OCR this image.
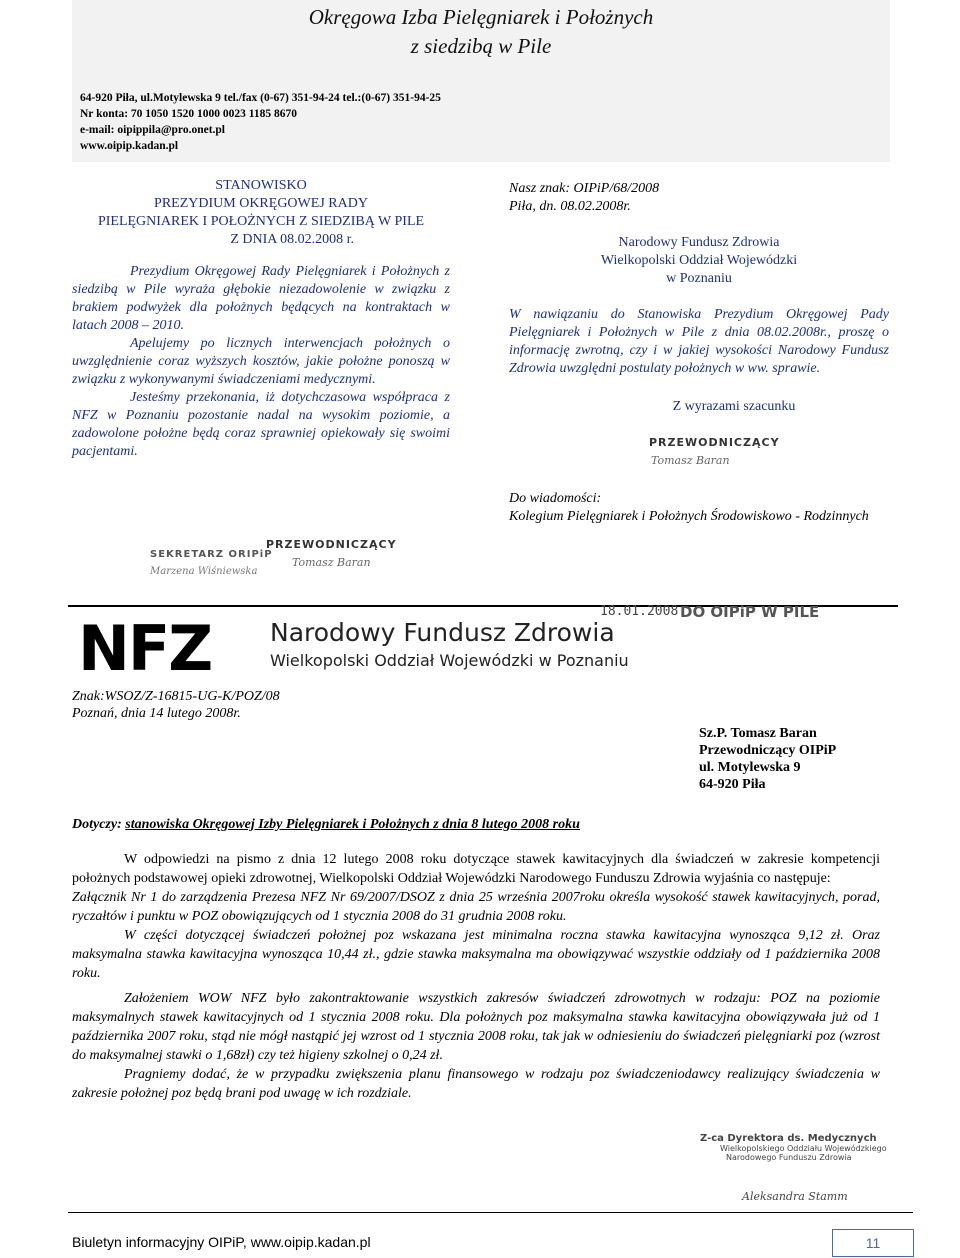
Okręgowa Izba Pielęgniarek i Położnych
z siedzibą w Pile
64-920 Piła, ul.Motylewska 9 tel./fax (0-67) 351-94-24 tel.:(0-67) 351-94-25
Nr konta: 70 1050 1520 1000 0023 1185 8670
e-mail: oipippila@pro.onet.pl
www.oipip.kadan.pl
STANOWISKO
PREZYDIUM OKRĘGOWEJ RADY
PIELĘGNIAREK I POŁOŻNYCH Z SIEDZIBĄ W PILE
Z DNIA 08.02.2008 r.

Prezydium Okręgowej Rady Pielęgniarek i Położnych z siedzibą w Pile wyraża głębokie niezadowolenie w związku z brakiem podwyżek dla położnych będących na kontraktach w latach 2008 – 2010.

Apelujemy po licznych interwencjach położnych o uwzględnienie coraz wyższych kosztów, jakie położne ponoszą w związku z wykonywanymi świadczeniami medycznymi.

Jesteśmy przekonania, iż dotychczasowa współpraca z NFZ w Poznaniu pozostanie nadal na wysokim poziomie, a zadowolone położne będą coraz sprawniej opiekowały się swoimi pacjentami.

SEKRETARZ ORIPiP
Marzena Wiśniewska
PRZEWODNICZĄCY
Tomasz Baran
Nasz znak: OIPiP/68/2008
Piła, dn. 08.02.2008r.
Narodowy Fundusz Zdrowia
Wielkopolski Oddział Wojewódzki
w Poznaniu

W nawiązaniu do Stanowiska Prezydium Okręgowej Pady Pielęgniarek i Położnych w Pile z dnia 08.02.2008r., proszę o informację zwrotną, czy i w jakiej wysokości Narodowy Fundusz Zdrowia uwzględni postulaty położnych w ww. sprawie.

Z wyrazami szacunku
PRZEWODNICZĄCY
Tomasz Baran
Do wiadomości:
Kolegium Pielęgniarek i Położnych Środowiskowo - Rodzinnych
NFZ Narodowy Fundusz Zdrowia
Wielkopolski Oddział Wojewódzki w Poznaniu
18.01.2008 DO OIPiP W PILE
Znak:WSOZ/Z-16815-UG-K/POZ/08
Poznań, dnia 14 lutego 2008r.
Sz.P. Tomasz Baran
Przewodniczący OIPiP
ul. Motylewska 9
64-920 Piła
Dotyczy: stanowiska Okręgowej Izby Pielęgniarek i Położnych z dnia 8 lutego 2008 roku

W odpowiedzi na pismo z dnia 12 lutego 2008 roku dotyczące stawek kawitacyjnych dla świadczeń w zakresie kompetencji położnych podstawowej opieki zdrowotnej, Wielkopolski Oddział Wojewódzki Narodowego Funduszu Zdrowia wyjaśnia co następuje:

Załącznik Nr 1 do zarządzenia Prezesa NFZ Nr 69/2007/DSOZ z dnia 25 września 2007roku określa wysokość stawek kawitacyjnych, porad, ryczałtów i punktu w POZ obowiązujących od 1 stycznia 2008 do 31 grudnia 2008 roku.

W części dotyczącej świadczeń położnej poz wskazana jest minimalna roczna stawka kawitacyjna wynosząca 9,12 zł. Oraz maksymalna stawka kawitacyjna wynosząca 10,44 zł., gdzie stawka maksymalna ma obowiązywać wszystkie oddziały od 1 października 2008 roku.

Założeniem WOW NFZ było zakontraktowanie wszystkich zakresów świadczeń zdrowotnych w rodzaju: POZ na poziomie maksymalnych stawek kawitacyjnych od 1 stycznia 2008 roku. Dla położnych poz maksymalna stawka kawitacyjna obowiązywała już od 1 października 2007 roku, stąd nie mógł nastąpić jej wzrost od 1 stycznia 2008 roku, tak jak w odniesieniu do świadczeń pielęgniarki poz (wzrost do maksymalnej stawki o 1,68zł) czy też higieny szkolnej o 0,24 zł.

Pragniemy dodać, że w przypadku zwiększenia planu finansowego w rodzaju poz świadczeniodawcy realizujący świadczenia w zakresie położnej poz będą brani pod uwagę w ich rozdziale.

Z-ca Dyrektora ds. Medycznych
Wielkopolskiego Oddziału Wojewódzkiego
Narodowego Funduszu Zdrowia
Aleksandra Stamm
Biuletyn informacyjny OIPiP, www.oipip.kadan.pl	11
